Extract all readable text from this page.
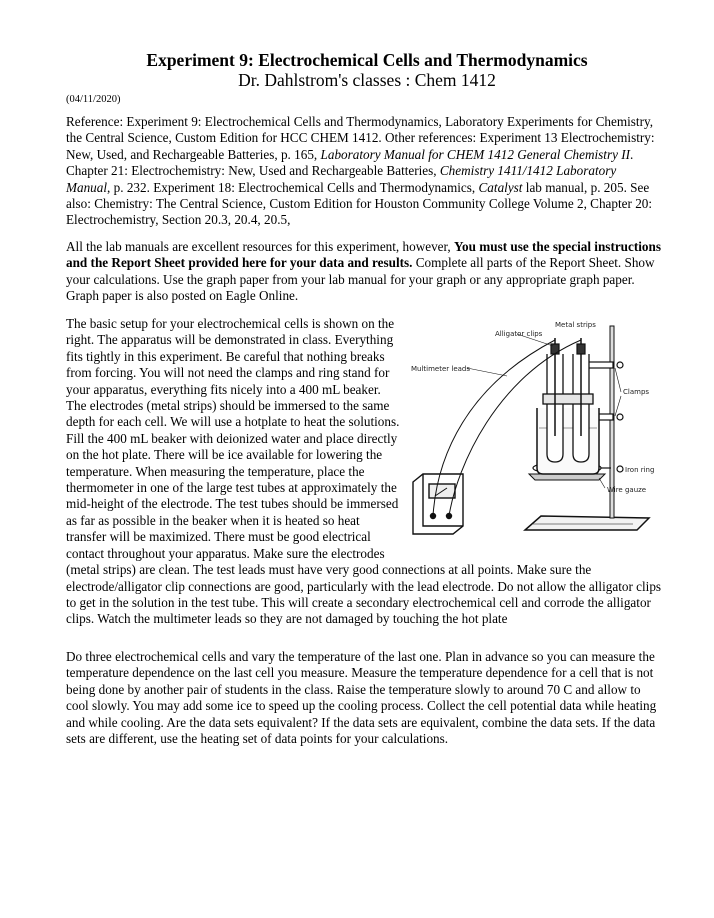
Experiment 9: Electrochemical Cells and Thermodynamics
Dr. Dahlstrom's classes : Chem 1412
(04/11/2020)
Reference: Experiment 9: Electrochemical Cells and Thermodynamics, Laboratory Experiments for Chemistry, the Central Science, Custom Edition for HCC CHEM 1412. Other references: Experiment 13 Electrochemistry: New, Used, and Rechargeable Batteries, p. 165, Laboratory Manual for CHEM 1412 General Chemistry II. Chapter 21: Electrochemistry: New, Used and Rechargeable Batteries, Chemistry 1411/1412 Laboratory Manual, p. 232. Experiment 18: Electrochemical Cells and Thermodynamics, Catalyst lab manual, p. 205. See also: Chemistry: The Central Science, Custom Edition for Houston Community College Volume 2, Chapter 20: Electrochemistry, Section 20.3, 20.4, 20.5,
All the lab manuals are excellent resources for this experiment, however, You must use the special instructions and the Report Sheet provided here for your data and results. Complete all parts of the Report Sheet. Show your calculations. Use the graph paper from your lab manual for your graph or any appropriate graph paper. Graph paper is also posted on Eagle Online.
Metal strips
Alligator clips
Multimeter leads
Clamps
Iron ring
Wire gauze
The basic setup for your electrochemical cells is shown on the right. The apparatus will be demonstrated in class. Everything fits tightly in this experiment. Be careful that nothing breaks from forcing. You will not need the clamps and ring stand for your apparatus, everything fits nicely into a 400 mL beaker. The electrodes (metal strips) should be immersed to the same depth for each cell. We will use a hotplate to heat the solutions. Fill the 400 mL beaker with deionized water and place directly on the hot plate. There will be ice available for lowering the temperature. When measuring the temperature, place the thermometer in one of the large test tubes at approximately the mid-height of the electrode. The test tubes should be immersed as far as possible in the beaker when it is heated so heat transfer will be maximized. There must be good electrical contact throughout your apparatus. Make sure the electrodes (metal strips) are clean. The test leads must have very good connections at all points. Make sure the electrode/alligator clip connections are good, particularly with the lead electrode. Do not allow the alligator clips to get in the solution in the test tube. This will create a secondary electrochemical cell and corrode the alligator clips. Watch the multimeter leads so they are not damaged by touching the hot plate
Do three electrochemical cells and vary the temperature of the last one. Plan in advance so you can measure the temperature dependence on the last cell you measure. Measure the temperature dependence for a cell that is not being done by another pair of students in the class. Raise the temperature slowly to around 70 C and allow to cool slowly. You may add some ice to speed up the cooling process. Collect the cell potential data while heating and while cooling. Are the data sets equivalent? If the data sets are equivalent, combine the data sets. If the data sets are different, use the heating set of data points for your calculations.
